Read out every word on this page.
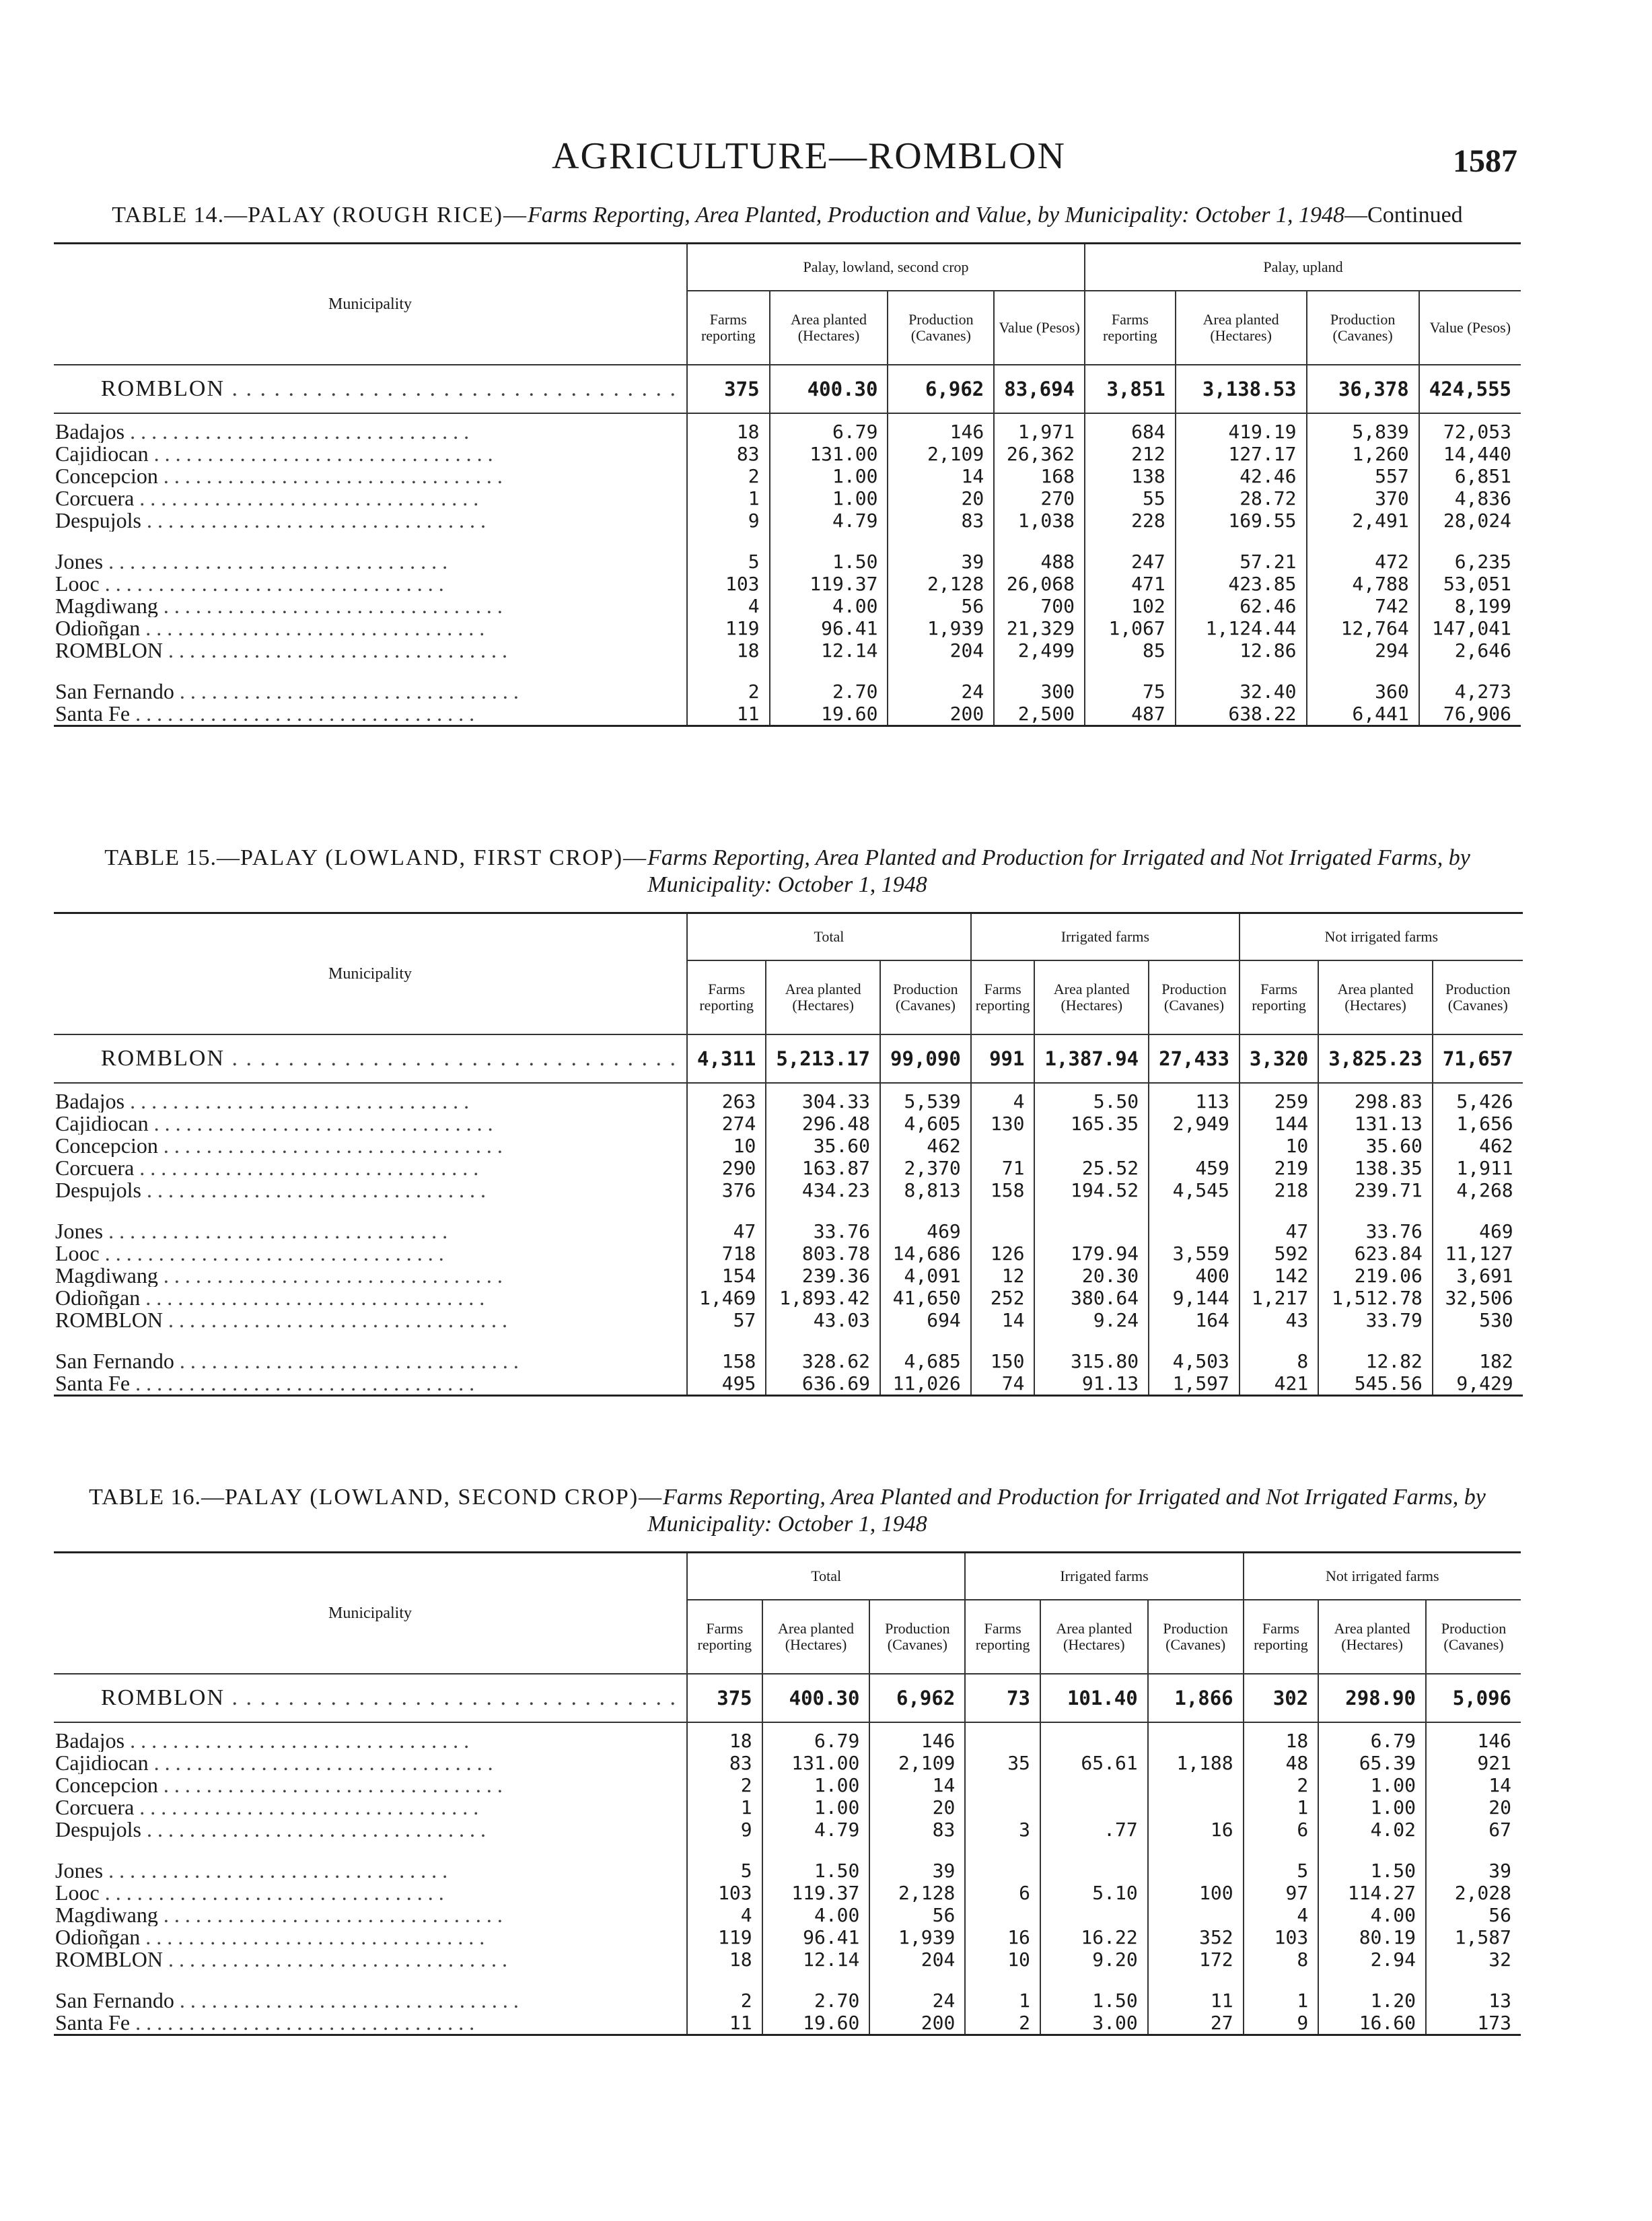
AGRICULTURE—ROMBLON	1587
TABLE 14.—PALAY (ROUGH RICE)—Farms Reporting, Area Planted, Production and Value, by Municipality: October 1, 1948—Continued
Municipality	Palay, lowland, second crop				Palay, upland			
	Farms reporting	Area planted (Hectares)	Production (Cavanes)	Value (Pesos)	Farms reporting	Area planted (Hectares)	Production (Cavanes)	Value (Pesos)
ROMBLON . . .	375	400.30	6,962	83,694	3,851	3,138.53	36,378	424,555
Badajos . . .	18	6.79	146	1,971	684	419.19	5,839	72,053
Cajidiocan . . .	83	131.00	2,109	26,362	212	127.17	1,260	14,440
Concepcion . . .	2	1.00	14	168	138	42.46	557	6,851
Corcuera . . .	1	1.00	20	270	55	28.72	370	4,836
Despujols . . .	9	4.79	83	1,038	228	169.55	2,491	28,024

Jones . . .	5	1.50	39	488	247	57.21	472	6,235
Looc . . .	103	119.37	2,128	26,068	471	423.85	4,788	53,051
Magdiwang . . .	4	4.00	56	700	102	62.46	742	8,199
Odioñgan . . .	119	96.41	1,939	21,329	1,067	1,124.44	12,764	147,041
ROMBLON . . .	18	12.14	204	2,499	85	12.86	294	2,646

San Fernando . . .	2	2.70	24	300	75	32.40	360	4,273
Santa Fe . . .	11	19.60	200	2,500	487	638.22	6,441	76,906
TABLE 15.—PALAY (LOWLAND, FIRST CROP)—Farms Reporting, Area Planted and Production for Irrigated and Not Irrigated Farms, by Municipality: October 1, 1948
Municipality	Total			Irrigated farms			Not irrigated farms		
	Farms reporting	Area planted (Hectares)	Production (Cavanes)	Farms reporting	Area planted (Hectares)	Production (Cavanes)	Farms reporting	Area planted (Hectares)	Production (Cavanes)
ROMBLON . . .	4,311	5,213.17	99,090	991	1,387.94	27,433	3,320	3,825.23	71,657
Badajos . . .	263	304.33	5,539	4	5.50	113	259	298.83	5,426
Cajidiocan . . .	274	296.48	4,605	130	165.35	2,949	144	131.13	1,656
Concepcion . . .	10	35.60	462				10	35.60	462
Corcuera . . .	290	163.87	2,370	71	25.52	459	219	138.35	1,911
Despujols . . .	376	434.23	8,813	158	194.52	4,545	218	239.71	4,268

Jones . . .	47	33.76	469				47	33.76	469
Looc . . .	718	803.78	14,686	126	179.94	3,559	592	623.84	11,127
Magdiwang . . .	154	239.36	4,091	12	20.30	400	142	219.06	3,691
Odioñgan . . .	1,469	1,893.42	41,650	252	380.64	9,144	1,217	1,512.78	32,506
ROMBLON . . .	57	43.03	694	14	9.24	164	43	33.79	530

San Fernando . . .	158	328.62	4,685	150	315.80	4,503	8	12.82	182
Santa Fe . . .	495	636.69	11,026	74	91.13	1,597	421	545.56	9,429
TABLE 16.—PALAY (LOWLAND, SECOND CROP)—Farms Reporting, Area Planted and Production for Irrigated and Not Irrigated Farms, by Municipality: October 1, 1948
Municipality	Total			Irrigated farms			Not irrigated farms		
	Farms reporting	Area planted (Hectares)	Production (Cavanes)	Farms reporting	Area planted (Hectares)	Production (Cavanes)	Farms reporting	Area planted (Hectares)	Production (Cavanes)
ROMBLON . . .	375	400.30	6,962	73	101.40	1,866	302	298.90	5,096
Badajos . . .	18	6.79	146				18	6.79	146
Cajidiocan . . .	83	131.00	2,109	35	65.61	1,188	48	65.39	921
Concepcion . . .	2	1.00	14				2	1.00	14
Corcuera . . .	1	1.00	20				1	1.00	20
Despujols . . .	9	4.79	83	3	.77	16	6	4.02	67

Jones . . .	5	1.50	39				5	1.50	39
Looc . . .	103	119.37	2,128	6	5.10	100	97	114.27	2,028
Magdiwang . . .	4	4.00	56				4	4.00	56
Odioñgan . . .	119	96.41	1,939	16	16.22	352	103	80.19	1,587
ROMBLON . . .	18	12.14	204	10	9.20	172	8	2.94	32

San Fernando . . .	2	2.70	24	1	1.50	11	1	1.20	13
Santa Fe . . .	11	19.60	200	2	3.00	27	9	16.60	173
